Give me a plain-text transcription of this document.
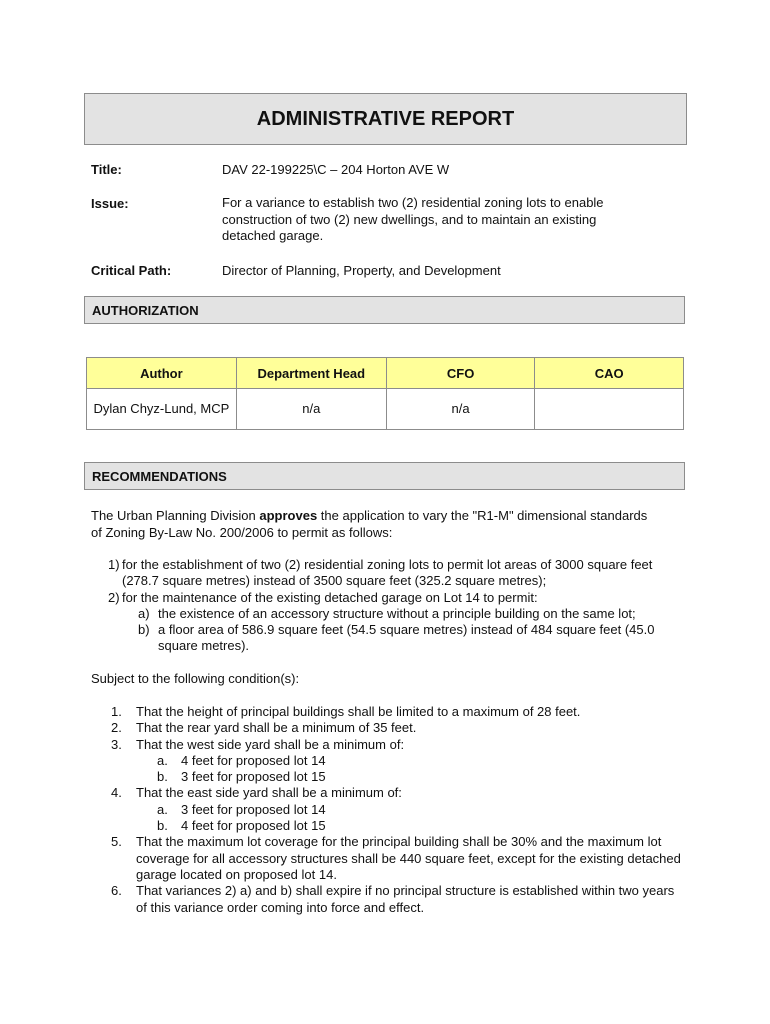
ADMINISTRATIVE REPORT
Title:	DAV 22-199225\C – 204 Horton AVE W
Issue:	For a variance to establish two (2) residential zoning lots to enable construction of two (2) new dwellings, and to maintain an existing detached garage.
Critical Path:	Director of Planning, Property, and Development
AUTHORIZATION
Author	Department Head	CFO	CAO
Dylan Chyz-Lund, MCP	n/a	n/a	
RECOMMENDATIONS
The Urban Planning Division approves the application to vary the "R1-M" dimensional standards of Zoning By-Law No. 200/2006 to permit as follows:
1) for the establishment of two (2) residential zoning lots to permit lot areas of 3000 square feet (278.7 square metres) instead of 3500 square feet (325.2 square metres);
2) for the maintenance of the existing detached garage on Lot 14 to permit:
a) the existence of an accessory structure without a principle building on the same lot;
b) a floor area of 586.9 square feet (54.5 square metres) instead of 484 square feet (45.0 square metres).
Subject to the following condition(s):
1. That the height of principal buildings shall be limited to a maximum of 28 feet.
2. That the rear yard shall be a minimum of 35 feet.
3. That the west side yard shall be a minimum of:
a. 4 feet for proposed lot 14
b. 3 feet for proposed lot 15
4. That the east side yard shall be a minimum of:
a. 3 feet for proposed lot 14
b. 4 feet for proposed lot 15
5. That the maximum lot coverage for the principal building shall be 30% and the maximum lot coverage for all accessory structures shall be 440 square feet, except for the existing detached garage located on proposed lot 14.
6. That variances 2) a) and b) shall expire if no principal structure is established within two years of this variance order coming into force and effect.
